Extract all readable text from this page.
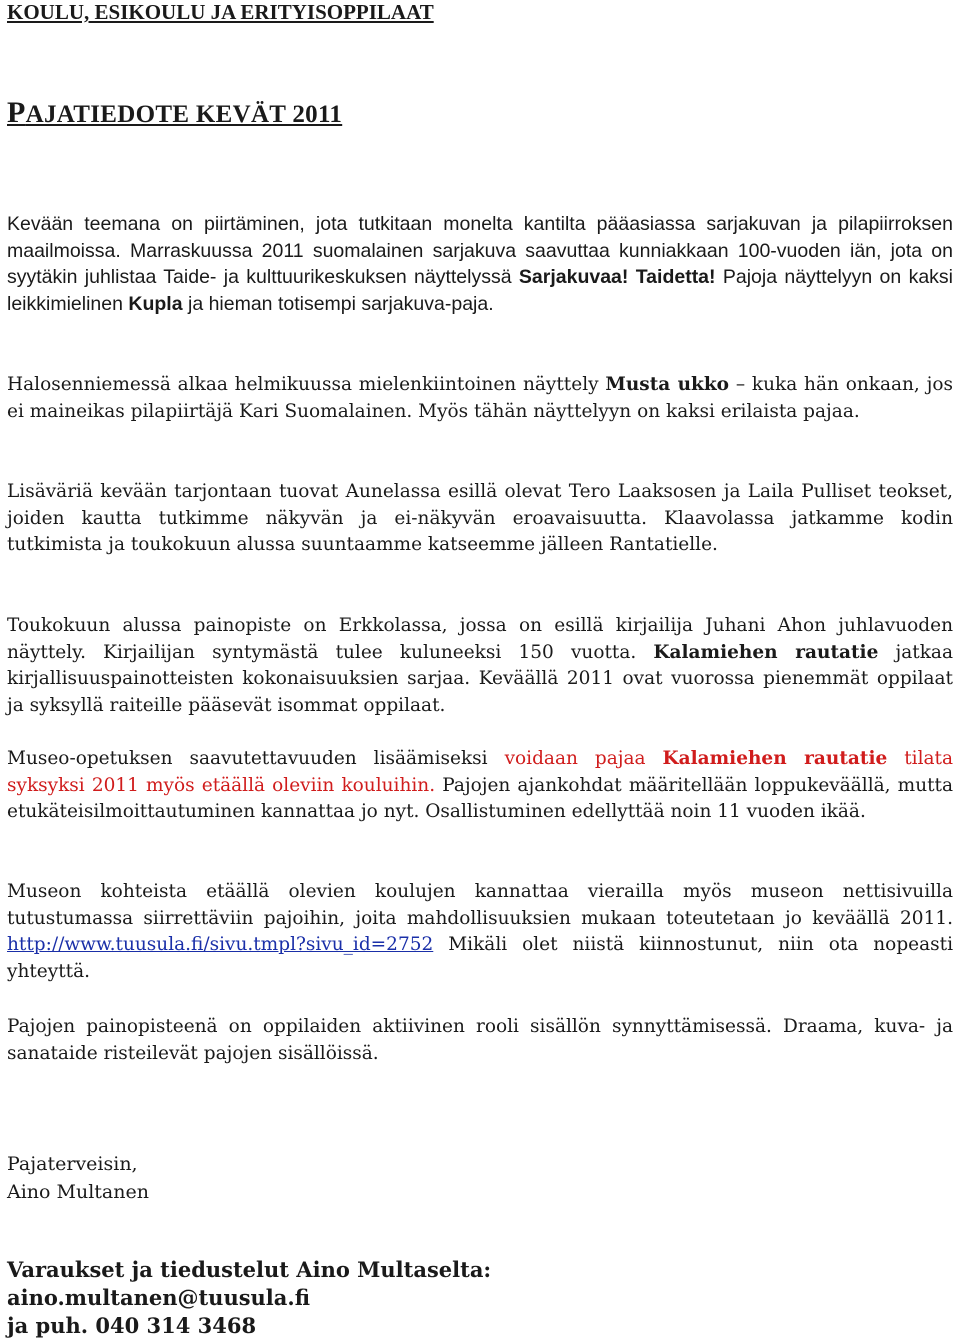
KOULU, ESIKOULU JA ERITYISOPPILAAT
PAJATIEDOTE KEVÄT 2011

Kevään teemana on piirtäminen, jota tutkitaan monelta kantilta pääasiassa sarjakuvan ja pilapiirroksen maailmoissa. Marraskuussa 2011 suomalainen sarjakuva saavuttaa kunniakkaan 100-vuoden iän, jota on syytäkin juhlistaa Taide- ja kulttuurikeskuksen näyttelyssä Sarjakuvaa! Taidetta! Pajoja näyttelyyn on kaksi leikkimielinen Kupla ja hieman totisempi sarjakuva-paja.

Halosenniemessä alkaa helmikuussa mielenkiintoinen näyttely Musta ukko – kuka hän onkaan, jos ei maineikas pilapiirtäjä Kari Suomalainen. Myös tähän näyttelyyn on kaksi erilaista pajaa.

Lisäväriä kevään tarjontaan tuovat Aunelassa esillä olevat Tero Laaksosen ja Laila Pulliset teokset, joiden kautta tutkimme näkyvän ja ei-näkyvän eroavaisuutta. Klaavolassa jatkamme kodin tutkimista ja toukokuun alussa suuntaamme katseemme jälleen Rantatielle.

Toukokuun alussa painopiste on Erkkolassa, jossa on esillä kirjailija Juhani Ahon juhlavuoden näyttely. Kirjailijan syntymästä tulee kuluneeksi 150 vuotta. Kalamiehen rautatie jatkaa kirjallisuuspainotteisten kokonaisuuksien sarjaa. Keväällä 2011 ovat vuorossa pienemmät oppilaat ja syksyllä raiteille pääsevät isommat oppilaat.

Museo-opetuksen saavutettavuuden lisäämiseksi voidaan pajaa Kalamiehen rautatie tilata syksyksi 2011 myös etäällä oleviin kouluihin. Pajojen ajankohdat määritellään loppukeväällä, mutta etukäteisilmoittautuminen kannattaa jo nyt. Osallistuminen edellyttää noin 11 vuoden ikää.

Museon kohteista etäällä olevien koulujen kannattaa vierailla myös museon nettisivuilla tutustumassa siirrettäviin pajoihin, joita mahdollisuuksien mukaan toteutetaan jo keväällä 2011. http://www.tuusula.fi/sivu.tmpl?sivu_id=2752 Mikäli olet niistä kiinnostunut, niin ota nopeasti yhteyttä.

Pajojen painopisteenä on oppilaiden aktiivinen rooli sisällön synnyttämisessä. Draama, kuva- ja sanataide risteilevät pajojen sisällöissä.

Pajaterveisin,
Aino Multanen
Varaukset ja tiedustelut Aino Multaselta:
aino.multanen@tuusula.fi
ja puh. 040 314 3468
